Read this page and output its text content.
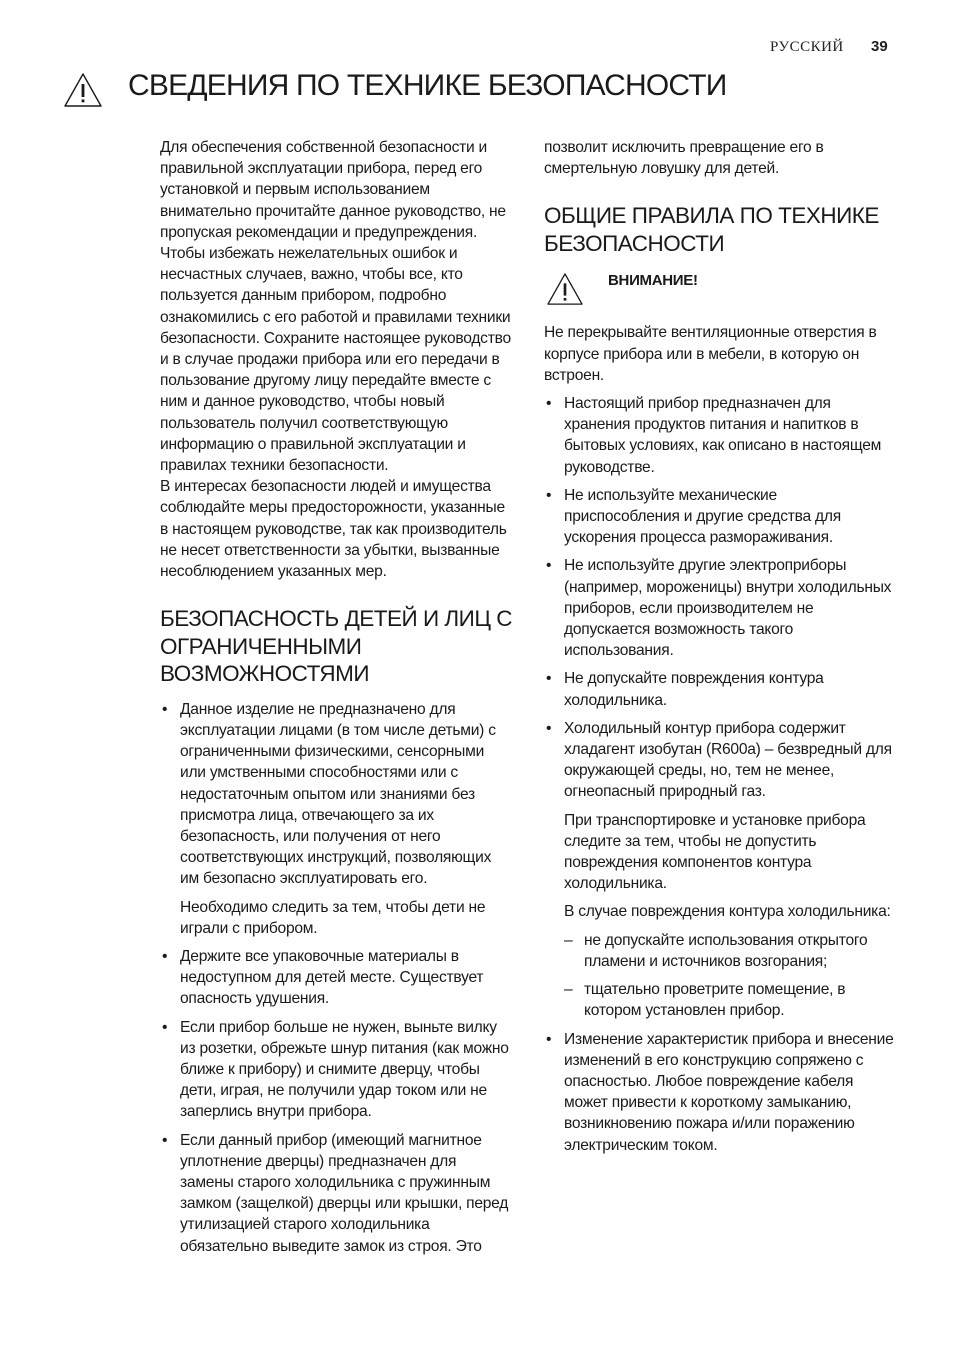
РУССКИЙ 39
СВЕДЕНИЯ ПО ТЕХНИКЕ БЕЗОПАСНОСТИ

Для обеспечения собственной безопасности и правильной эксплуатации прибора, перед его установкой и первым использованием внимательно прочитайте данное руководство, не пропуская рекомендации и предупреждения. Чтобы избежать нежелательных ошибок и несчастных случаев, важно, чтобы все, кто пользуется данным прибором, подробно ознакомились с его работой и правилами техники безопасности. Сохраните настоящее руководство и в случае продажи прибора или его передачи в пользование другому лицу передайте вместе с ним и данное руководство, чтобы новый пользователь получил соответствующую информацию о правильной эксплуатации и правилах техники безопасности.

В интересах безопасности людей и имущества соблюдайте меры предосторожности, указанные в настоящем руководстве, так как производитель не несет ответственности за убытки, вызванные несоблюдением указанных мер.

БЕЗОПАСНОСТЬ ДЕТЕЙ И ЛИЦ С ОГРАНИЧЕННЫМИ ВОЗМОЖНОСТЯМИ

• Данное изделие не предназначено для эксплуатации лицами (в том числе детьми) с ограниченными физическими, сенсорными или умственными способностями или с недостаточным опытом или знаниями без присмотра лица, отвечающего за их безопасность, или получения от него соответствующих инструкций, позволяющих им безопасно эксплуатировать его.

Необходимо следить за тем, чтобы дети не играли с прибором.

• Держите все упаковочные материалы в недоступном для детей месте. Существует опасность удушения.

• Если прибор больше не нужен, выньте вилку из розетки, обрежьте шнур питания (как можно ближе к прибору) и снимите дверцу, чтобы дети, играя, не получили удар током или не заперлись внутри прибора.

• Если данный прибор (имеющий магнитное уплотнение дверцы) предназначен для замены старого холодильника с пружинным замком (защелкой) дверцы или крышки, перед утилизацией старого холодильника обязательно выведите замок из строя. Это

позволит исключить превращение его в смертельную ловушку для детей.

ОБЩИЕ ПРАВИЛА ПО ТЕХНИКЕ БЕЗОПАСНОСТИ
ВНИМАНИЕ!

Не перекрывайте вентиляционные отверстия в корпусе прибора или в мебели, в которую он встроен.

• Настоящий прибор предназначен для хранения продуктов питания и напитков в бытовых условиях, как описано в настоящем руководстве.

• Не используйте механические приспособления и другие средства для ускорения процесса размораживания.

• Не используйте другие электроприборы (например, мороженицы) внутри холодильных приборов, если производителем не допускается возможность такого использования.

• Не допускайте повреждения контура холодильника.

• Холодильный контур прибора содержит хладагент изобутан (R600a) – безвредный для окружающей среды, но, тем не менее, огнеопасный природный газ.

При транспортировке и установке прибора следите за тем, чтобы не допустить повреждения компонентов контура холодильника.

В случае повреждения контура холодильника:

– не допускайте использования открытого пламени и источников возгорания;
– тщательно проветрите помещение, в котором установлен прибор.

• Изменение характеристик прибора и внесение изменений в его конструкцию сопряжено с опасностью. Любое повреждение кабеля может привести к короткому замыканию, возникновению пожара и/или поражению электрическим током.
